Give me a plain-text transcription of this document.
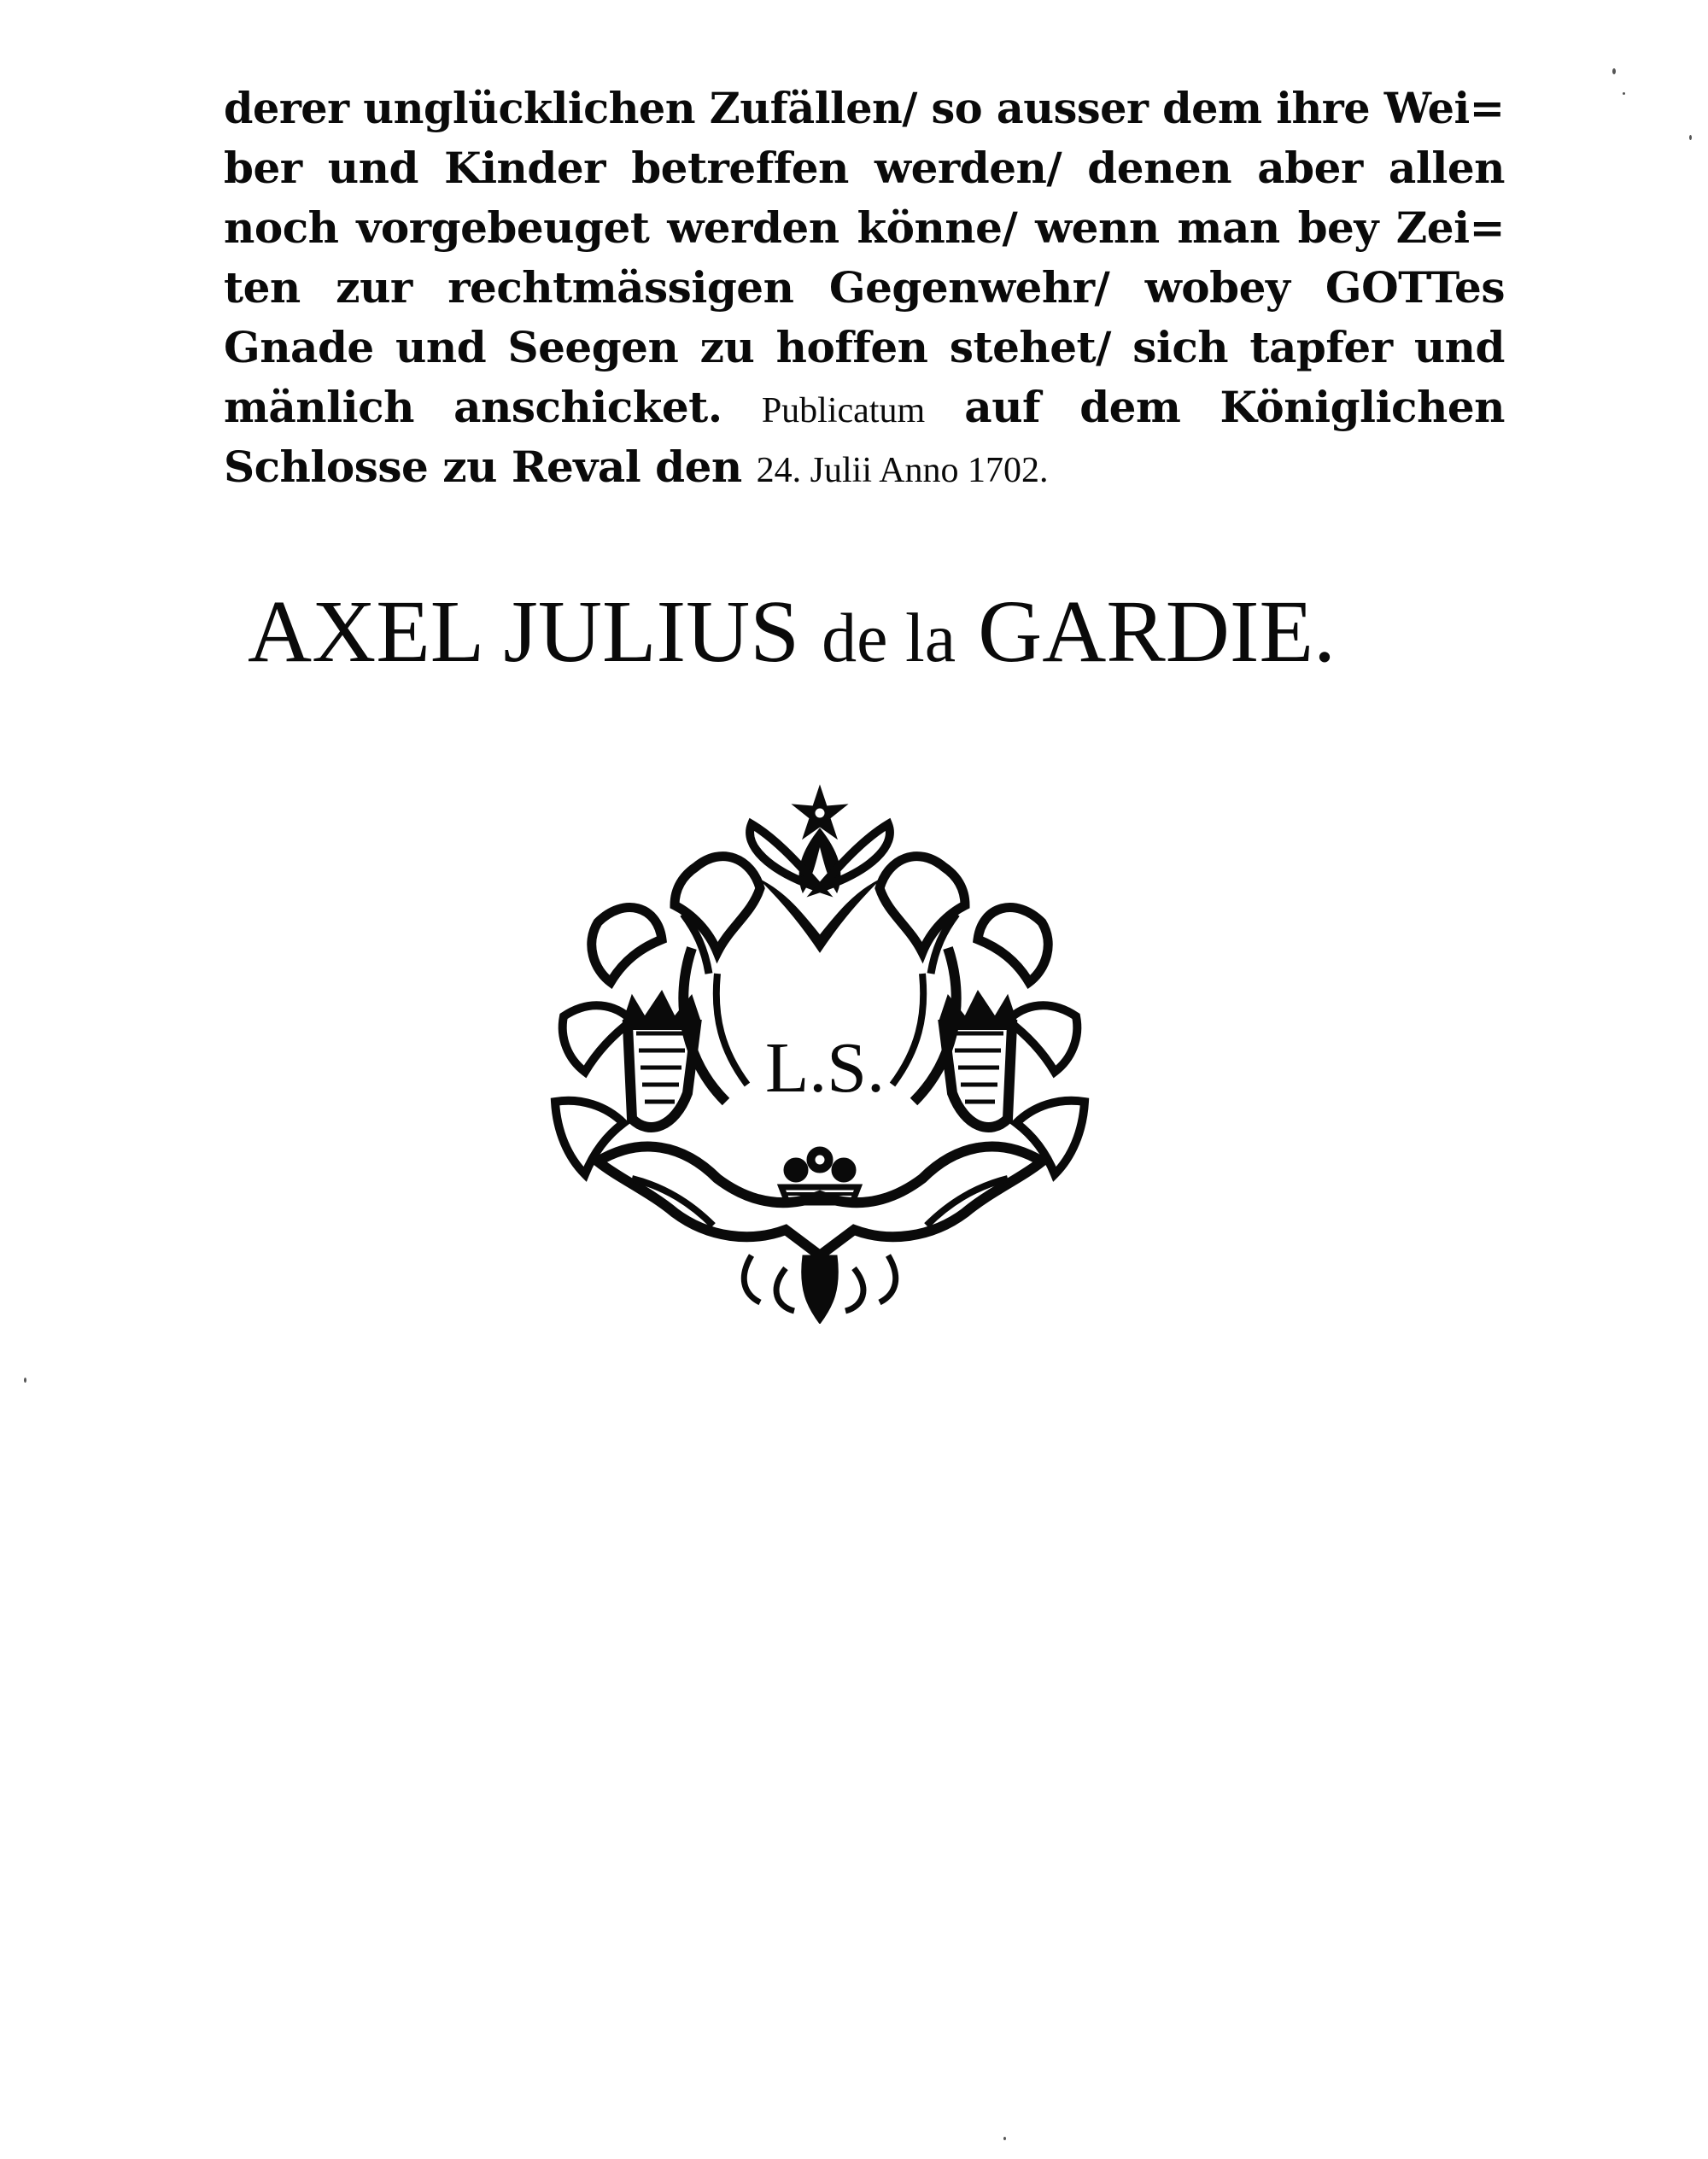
derer unglücklichen Zufällen/ so ausser dem ihre Wei=
ber und Kinder betreffen werden/ denen aber allen
noch vorgebeuget werden könne/ wenn man bey Zei=
ten zur rechtmässigen Gegenwehr/ wobey GOTTes
Gnade und Seegen zu hoffen stehet/ sich tapfer und
mänlich anschicket. Publicatum auf dem Königlichen
Schlosse zu Reval den 24. Julii Anno 1702.
AXEL JULIUS de la GARDIE.
L.S.
